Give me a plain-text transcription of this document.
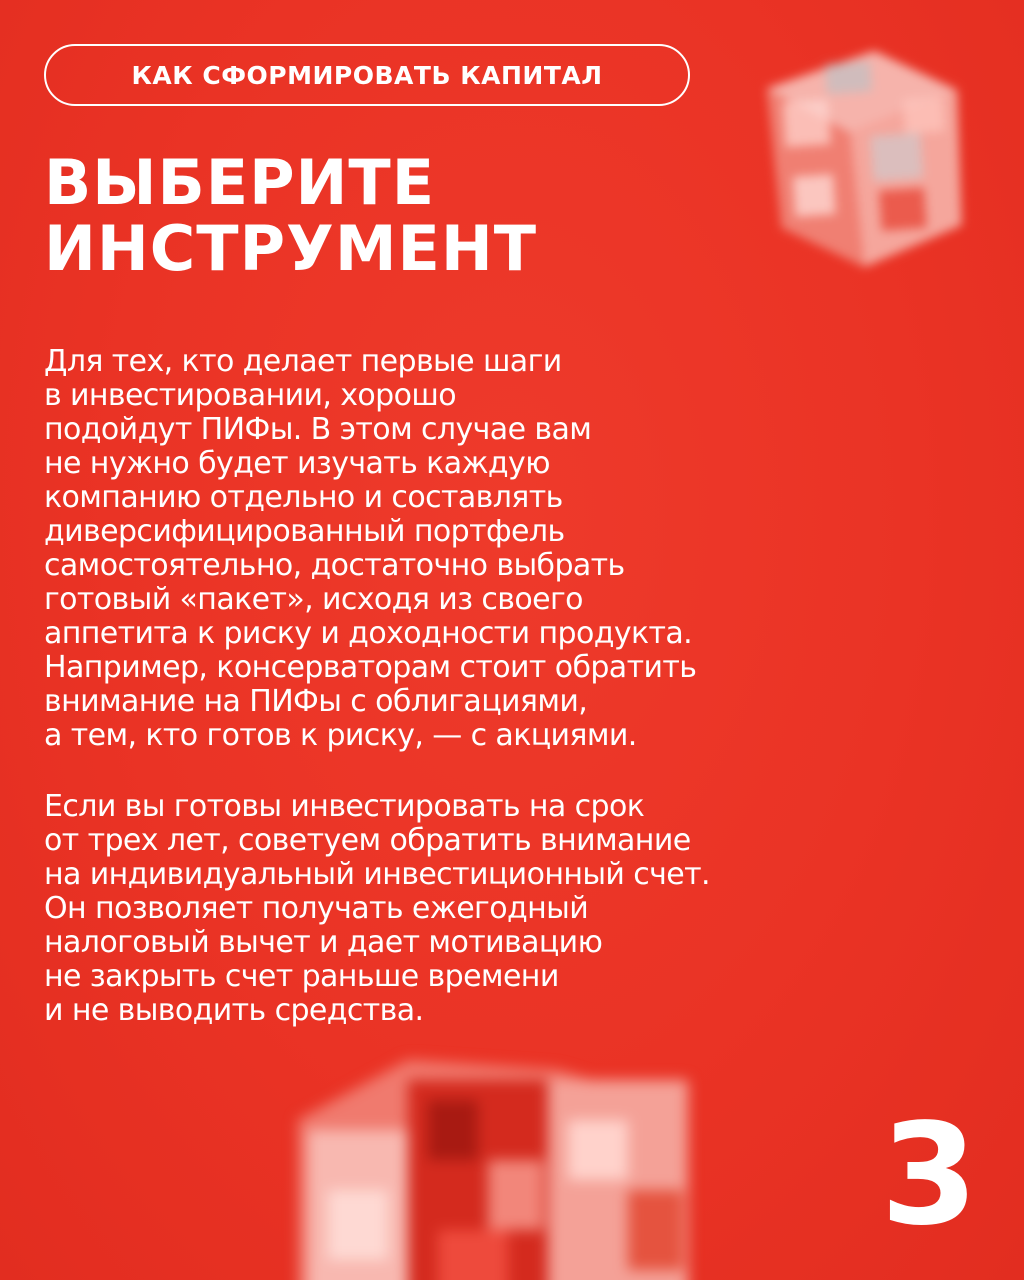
КАК СФОРМИРОВАТЬ КАПИТАЛ
ВЫБЕРИТЕ
ИНСТРУМЕНТ

Для тех, кто делает первые шаги
в инвестировании, хорошо
подойдут ПИФы. В этом случае вам
не нужно будет изучать каждую
компанию отдельно и составлять
диверсифицированный портфель
самостоятельно, достаточно выбрать
готовый «пакет», исходя из своего
аппетита к риску и доходности продукта.
Например, консерваторам стоит обратить
внимание на ПИФы с облигациями,
а тем, кто готов к риску, — с акциями.

Если вы готовы инвестировать на срок
от трех лет, советуем обратить внимание
на индивидуальный инвестиционный счет.
Он позволяет получать ежегодный
налоговый вычет и дает мотивацию
не закрыть счет раньше времени
и не выводить средства.

3
